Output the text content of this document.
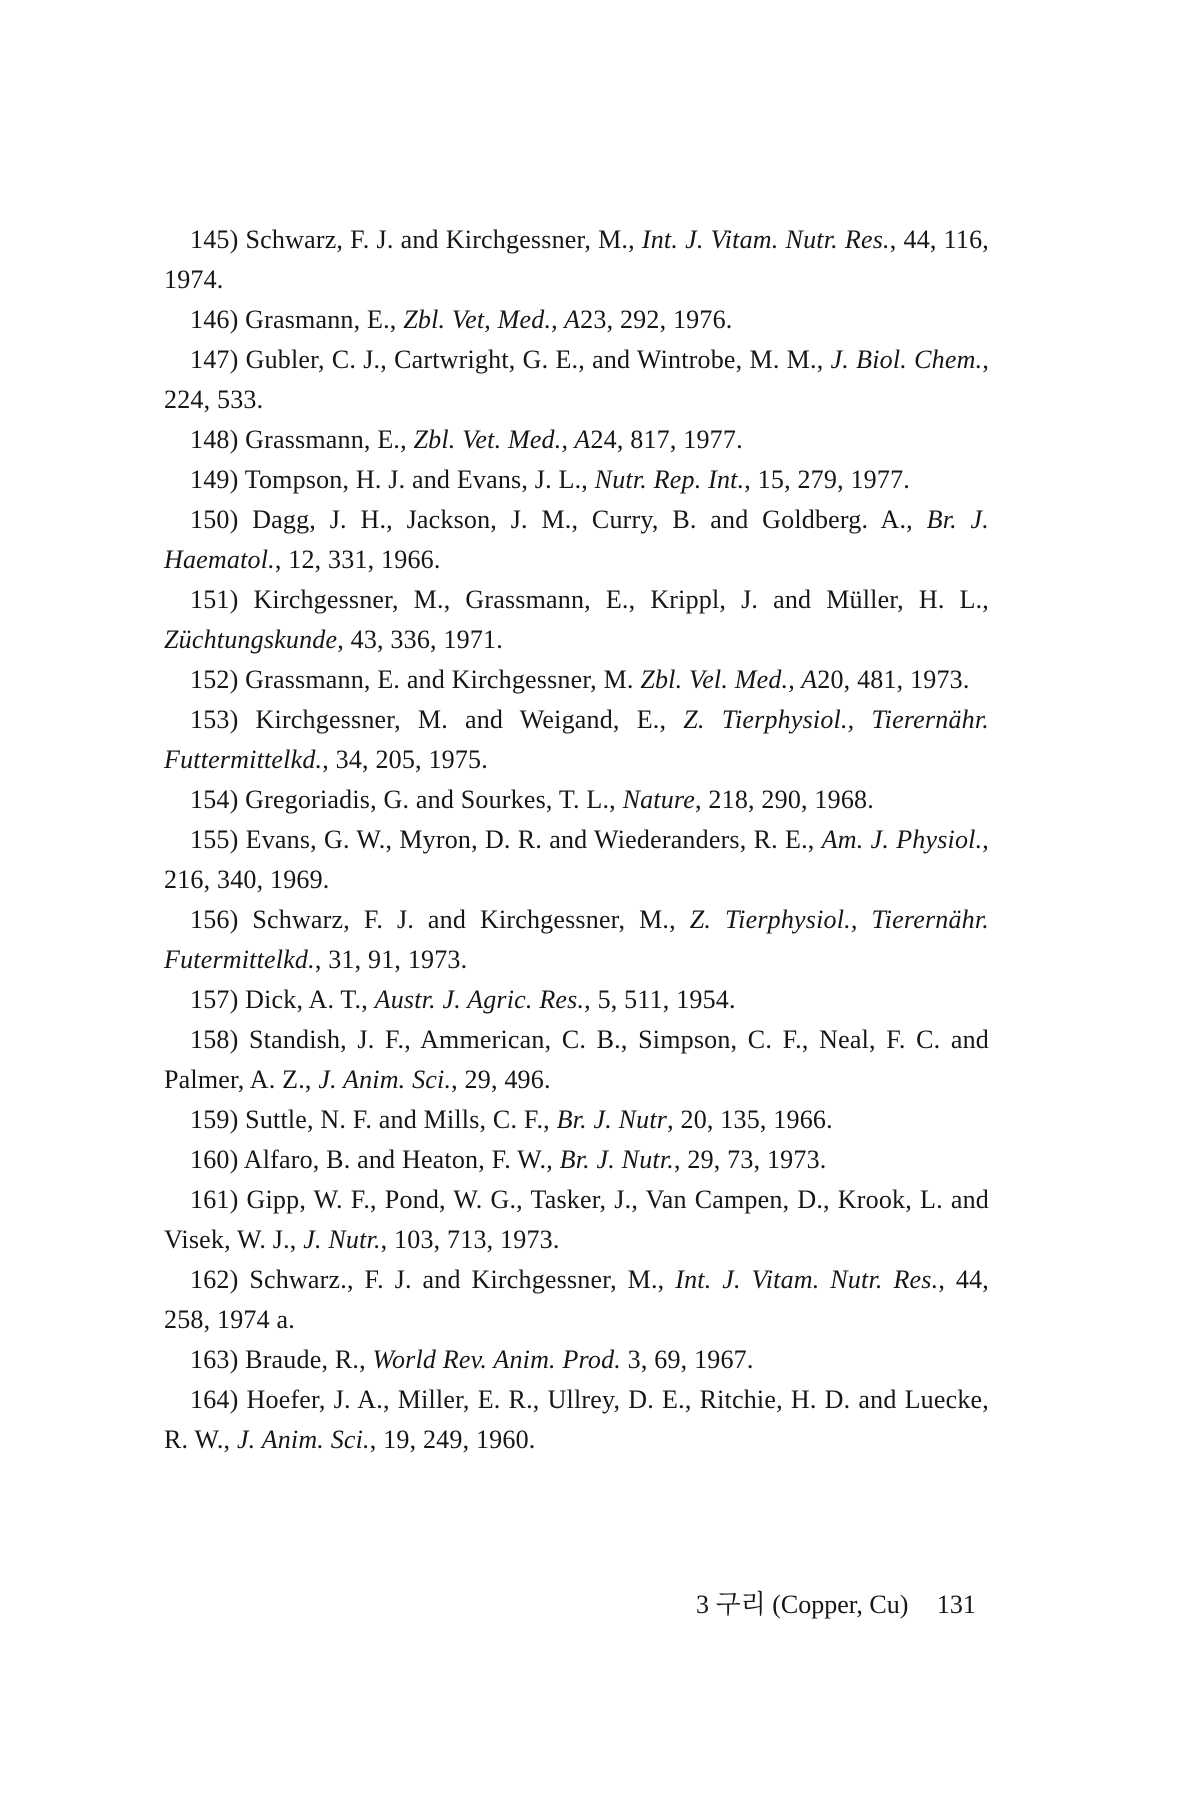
145) Schwarz, F. J. and Kirchgessner, M., Int. J. Vitam. Nutr. Res., 44, 116, 1974.

146) Grasmann, E., Zbl. Vet, Med., A23, 292, 1976.

147) Gubler, C. J., Cartwright, G. E., and Wintrobe, M. M., J. Biol. Chem., 224, 533.

148) Grassmann, E., Zbl. Vet. Med., A24, 817, 1977.

149) Tompson, H. J. and Evans, J. L., Nutr. Rep. Int., 15, 279, 1977.

150) Dagg, J. H., Jackson, J. M., Curry, B. and Goldberg. A., Br. J. Haematol., 12, 331, 1966.

151) Kirchgessner, M., Grassmann, E., Krippl, J. and Müller, H. L., Züchtungskunde, 43, 336, 1971.

152) Grassmann, E. and Kirchgessner, M. Zbl. Vel. Med., A20, 481, 1973.

153) Kirchgessner, M. and Weigand, E., Z. Tierphysiol., Tierernähr. Futtermittelkd., 34, 205, 1975.

154) Gregoriadis, G. and Sourkes, T. L., Nature, 218, 290, 1968.

155) Evans, G. W., Myron, D. R. and Wiederanders, R. E., Am. J. Physiol., 216, 340, 1969.

156) Schwarz, F. J. and Kirchgessner, M., Z. Tierphysiol., Tierernähr. Futermittelkd., 31, 91, 1973.

157) Dick, A. T., Austr. J. Agric. Res., 5, 511, 1954.

158) Standish, J. F., Ammerican, C. B., Simpson, C. F., Neal, F. C. and Palmer, A. Z., J. Anim. Sci., 29, 496.

159) Suttle, N. F. and Mills, C. F., Br. J. Nutr, 20, 135, 1966.

160) Alfaro, B. and Heaton, F. W., Br. J. Nutr., 29, 73, 1973.

161) Gipp, W. F., Pond, W. G., Tasker, J., Van Campen, D., Krook, L. and Visek, W. J., J. Nutr., 103, 713, 1973.

162) Schwarz., F. J. and Kirchgessner, M., Int. J. Vitam. Nutr. Res., 44, 258, 1974 a.

163) Braude, R., World Rev. Anim. Prod. 3, 69, 1967.

164) Hoefer, J. A., Miller, E. R., Ullrey, D. E., Ritchie, H. D. and Luecke, R. W., J. Anim. Sci., 19, 249, 1960.

3 구리 (Copper, Cu) 131
